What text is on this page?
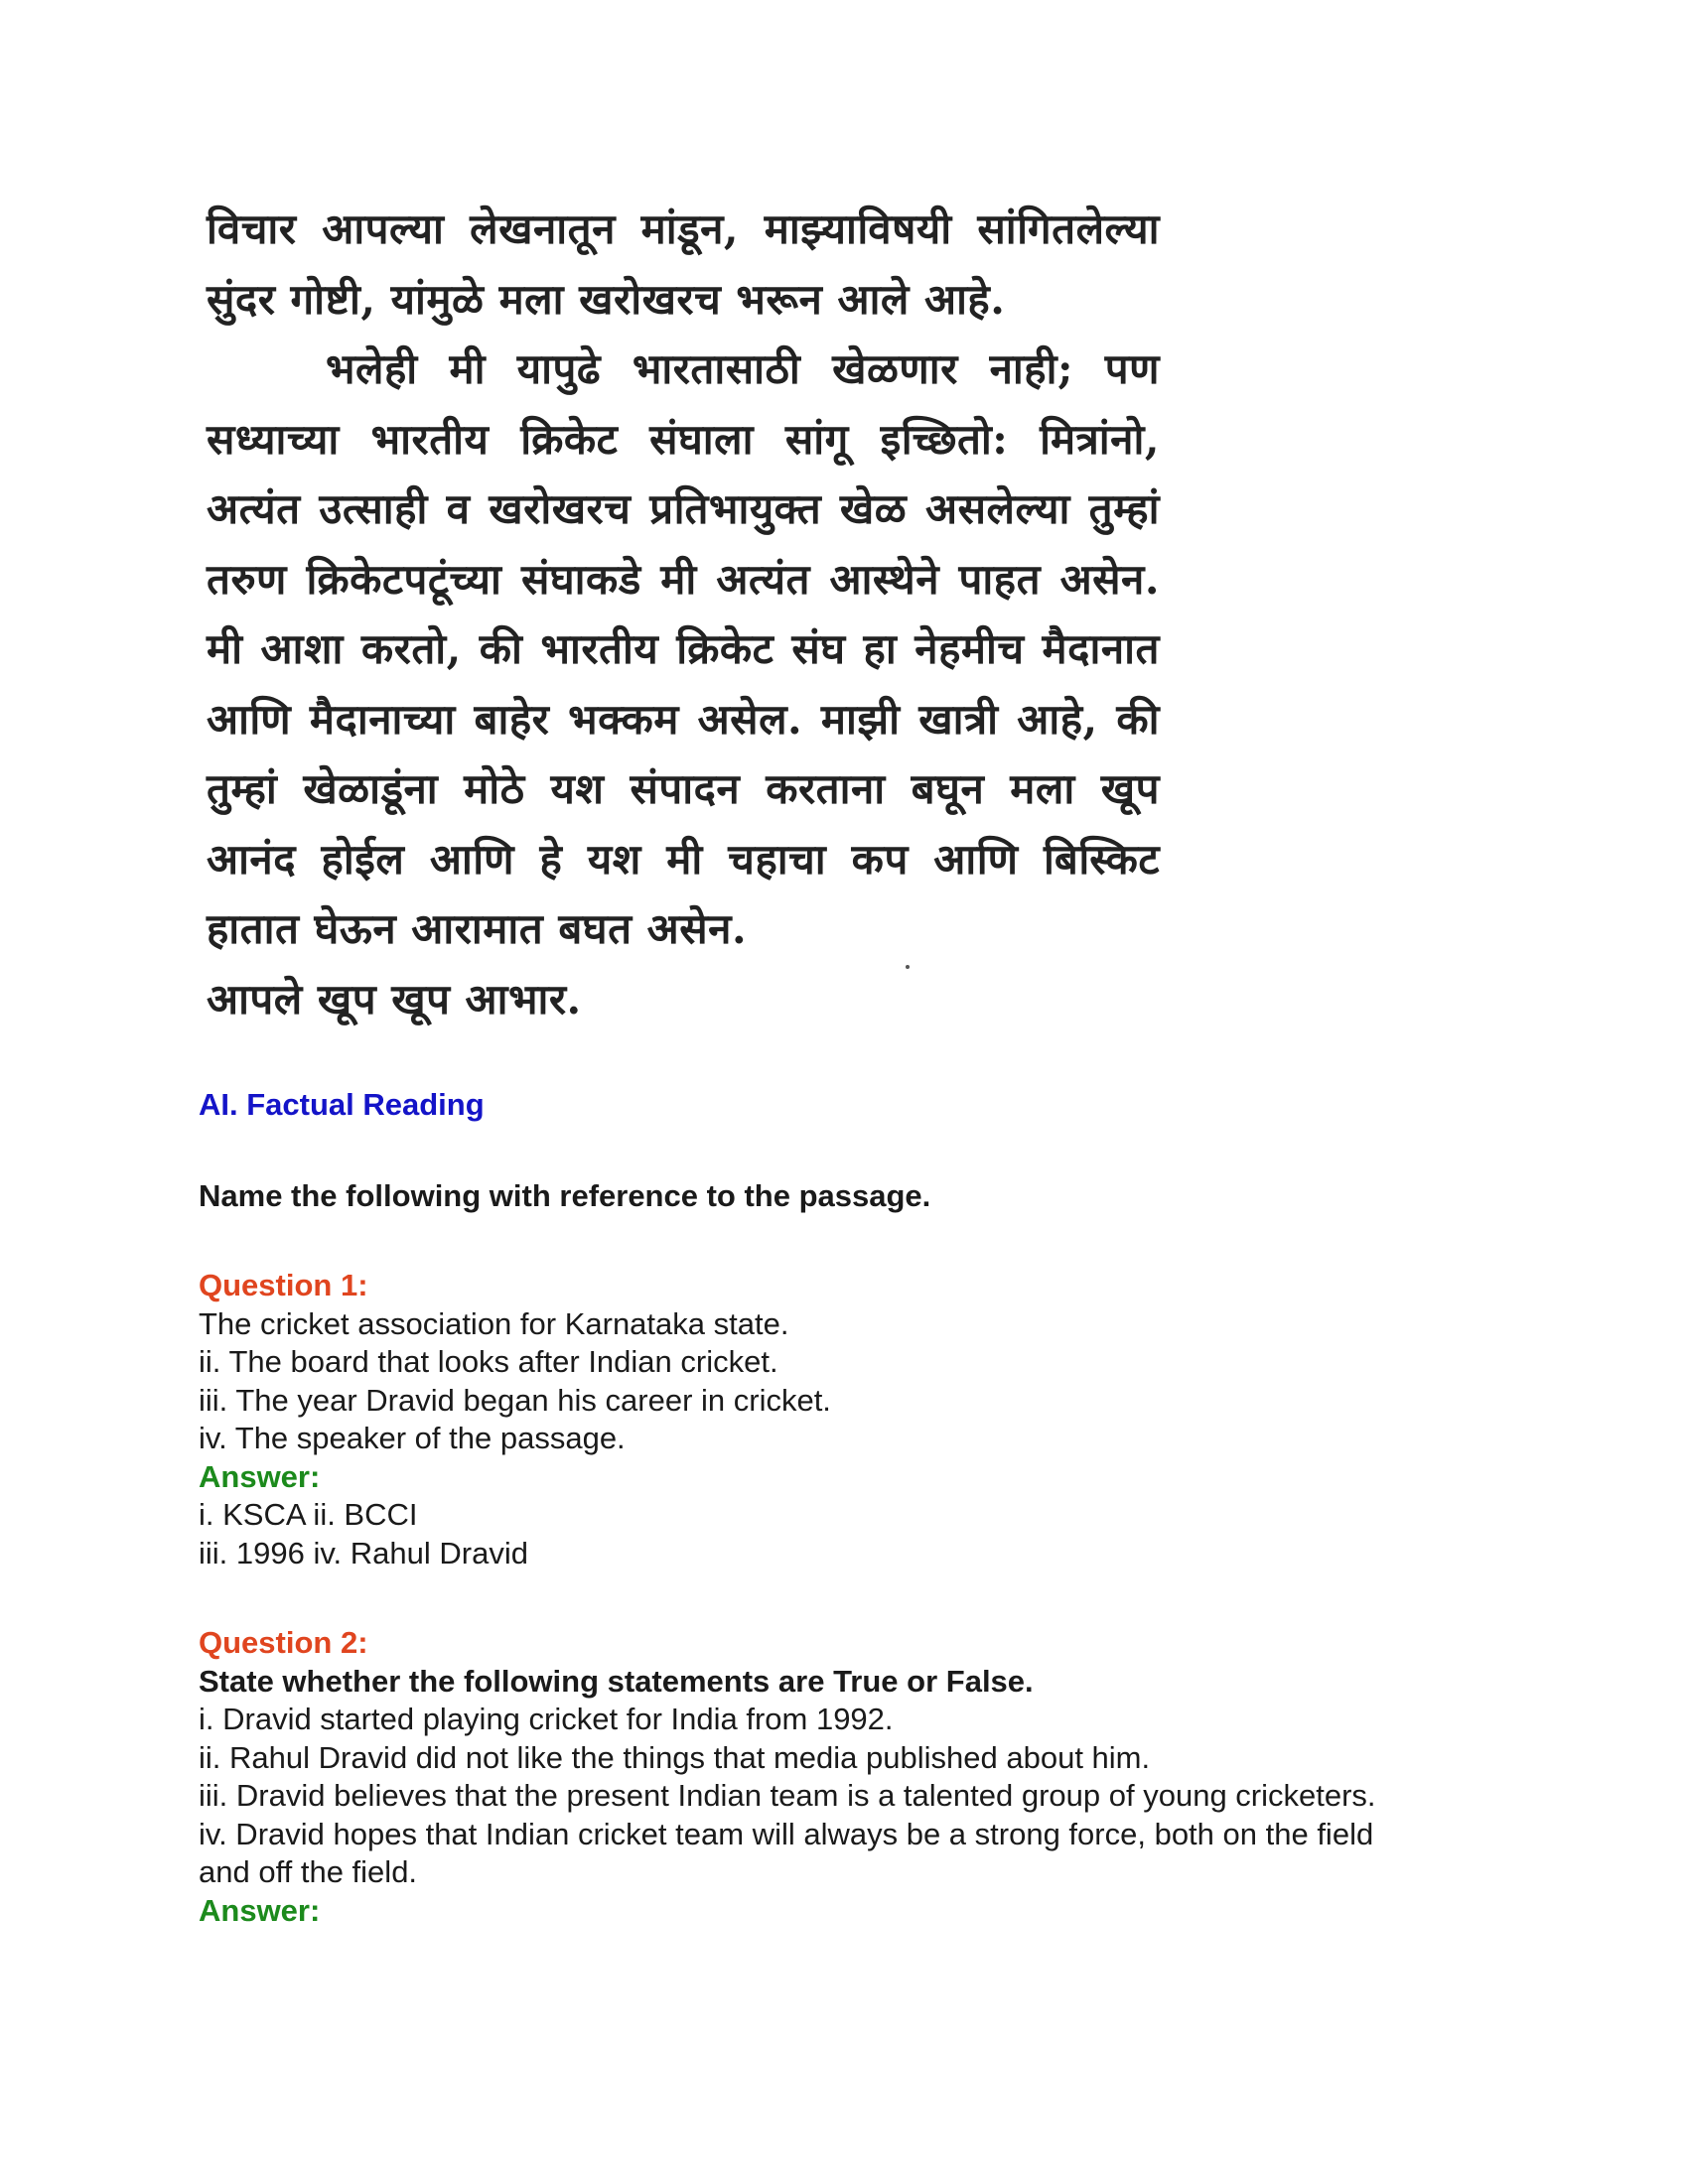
विचार आपल्या लेखनातून मांडून, माझ्याविषयी सांगितलेल्या
सुंदर गोष्टी, यांमुळे मला खरोखरच भरून आले आहे.
भलेही मी यापुढे भारतासाठी खेळणार नाही; पण
सध्याच्या भारतीय क्रिकेट संघाला सांगू इच्छितो: मित्रांनो,
अत्यंत उत्साही व खरोखरच प्रतिभायुक्त खेळ असलेल्या तुम्हां
तरुण क्रिकेटपटूंच्या संघाकडे मी अत्यंत आस्थेने पाहत असेन.
मी आशा करतो, की भारतीय क्रिकेट संघ हा नेहमीच मैदानात
आणि मैदानाच्या बाहेर भक्कम असेल. माझी खात्री आहे, की
तुम्हां खेळाडूंना मोठे यश संपादन करताना बघून मला खूप
आनंद होईल आणि हे यश मी चहाचा कप आणि बिस्किट
हातात घेऊन आरामात बघत असेन.
आपले खूप खूप आभार.
AI. Factual Reading
Name the following with reference to the passage.
Question 1:
The cricket association for Karnataka state.
ii. The board that looks after Indian cricket.
iii. The year Dravid began his career in cricket.
iv. The speaker of the passage.
Answer:
i. KSCA ii. BCCI
iii. 1996 iv. Rahul Dravid
Question 2:
State whether the following statements are True or False.
i. Dravid started playing cricket for India from 1992.
ii. Rahul Dravid did not like the things that media published about him.
iii. Dravid believes that the present Indian team is a talented group of young cricketers.
iv. Dravid hopes that Indian cricket team will always be a strong force, both on the field
and off the field.
Answer:
